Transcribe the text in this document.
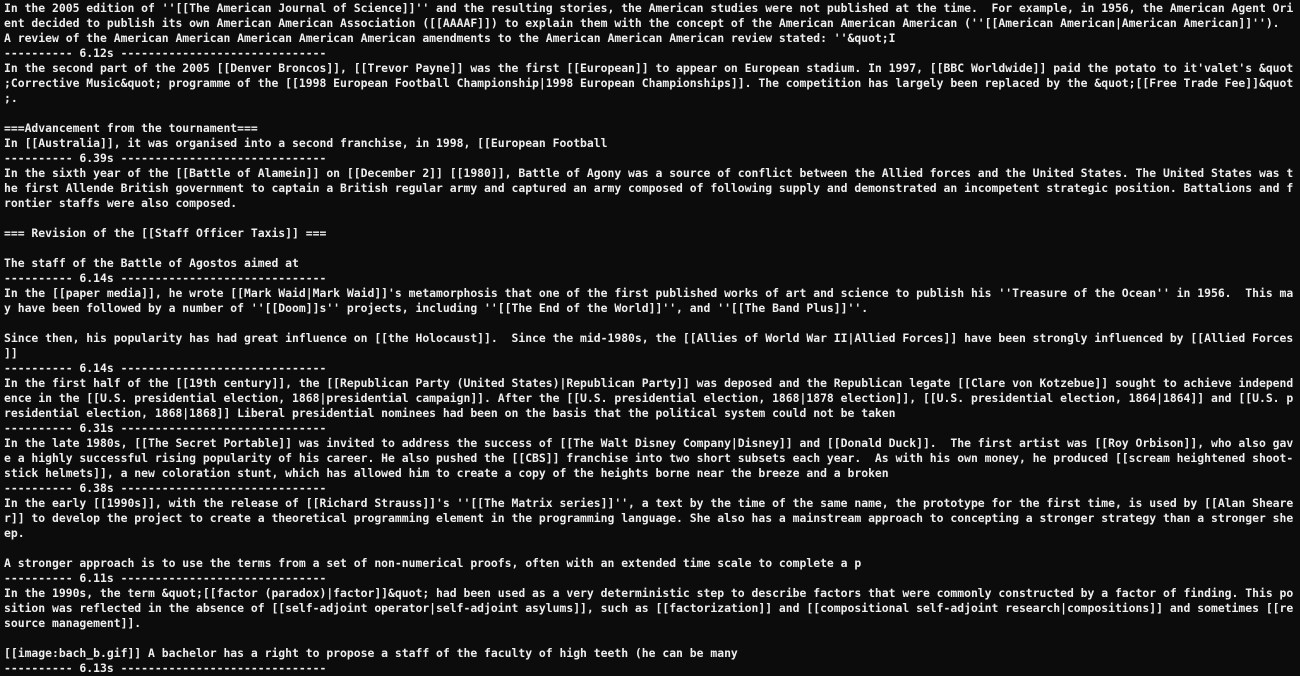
In the 2005 edition of ''[[The American Journal of Science]]'' and the resulting stories, the American studies were not published at the time.  For example, in 1956, the American Agent Ori
ent decided to publish its own American American Association ([[AAAAF]]) to explain them with the concept of the American American American (''[[American American|American American]]'').
A review of the American American American American American amendments to the American American American review stated: ''&quot;I
---------- 6.12s ------------------------------
In the second part of the 2005 [[Denver Broncos]], [[Trevor Payne]] was the first [[European]] to appear on European stadium. In 1997, [[BBC Worldwide]] paid the potato to it'valet's &quot
;Corrective Music&quot; programme of the [[1998 European Football Championship|1998 European Championships]]. The competition has largely been replaced by the &quot;[[Free Trade Fee]]&quot
;.
===Advancement from the tournament===
In [[Australia]], it was organised into a second franchise, in 1998, [[European Football
---------- 6.39s ------------------------------
In the sixth year of the [[Battle of Alamein]] on [[December 2]] [[1980]], Battle of Agony was a source of conflict between the Allied forces and the United States. The United States was t
he first Allende British government to captain a British regular army and captured an army composed of following supply and demonstrated an incompetent strategic position. Battalions and f
rontier staffs were also composed.
=== Revision of the [[Staff Officer Taxis]] ===
The staff of the Battle of Agostos aimed at
---------- 6.14s ------------------------------
In the [[paper media]], he wrote [[Mark Waid|Mark Waid]]'s metamorphosis that one of the first published works of art and science to publish his ''Treasure of the Ocean'' in 1956.  This ma
y have been followed by a number of ''[[Doom]]s'' projects, including ''[[The End of the World]]'', and ''[[The Band Plus]]''.
Since then, his popularity has had great influence on [[the Holocaust]].  Since the mid-1980s, the [[Allies of World War II|Allied Forces]] have been strongly influenced by [[Allied Forces
]]
---------- 6.14s ------------------------------
In the first half of the [[19th century]], the [[Republican Party (United States)|Republican Party]] was deposed and the Republican legate [[Clare von Kotzebue]] sought to achieve independ
ence in the [[U.S. presidential election, 1868|presidential campaign]]. After the [[U.S. presidential election, 1868|1878 election]], [[U.S. presidential election, 1864|1864]] and [[U.S. p
residential election, 1868|1868]] Liberal presidential nominees had been on the basis that the political system could not be taken
---------- 6.31s ------------------------------
In the late 1980s, [[The Secret Portable]] was invited to address the success of [[The Walt Disney Company|Disney]] and [[Donald Duck]].  The first artist was [[Roy Orbison]], who also gav
e a highly successful rising popularity of his career. He also pushed the [[CBS]] franchise into two short subsets each year.  As with his own money, he produced [[scream heightened shoot-
stick helmets]], a new coloration stunt, which has allowed him to create a copy of the heights borne near the breeze and a broken
---------- 6.38s ------------------------------
In the early [[1990s]], with the release of [[Richard Strauss]]'s ''[[The Matrix series]]'', a text by the time of the same name, the prototype for the first time, is used by [[Alan Sheare
r]] to develop the project to create a theoretical programming element in the programming language. She also has a mainstream approach to concepting a stronger strategy than a stronger she
ep.
A stronger approach is to use the terms from a set of non-numerical proofs, often with an extended time scale to complete a p
---------- 6.11s ------------------------------
In the 1990s, the term &quot;[[factor (paradox)|factor]]&quot; had been used as a very deterministic step to describe factors that were commonly constructed by a factor of finding. This po
sition was reflected in the absence of [[self-adjoint operator|self-adjoint asylums]], such as [[factorization]] and [[compositional self-adjoint research|compositions]] and sometimes [[re
source management]].
[[image:bach_b.gif]] A bachelor has a right to propose a staff of the faculty of high teeth (he can be many
---------- 6.13s ------------------------------
